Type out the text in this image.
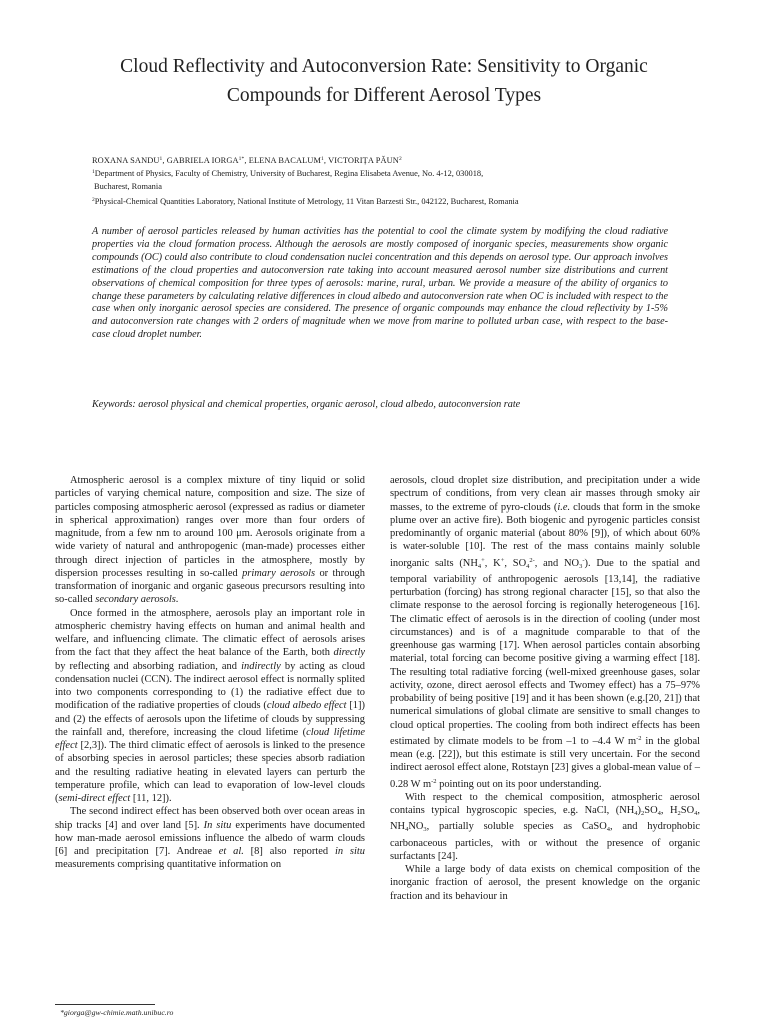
Cloud Reflectivity and Autoconversion Rate: Sensitivity to Organic
Compounds for Different Aerosol Types
ROXANA SANDU$^1$, GABRIELA $IORGA^{1*}$, ELENA BACALUM$^1$, VICTORIȚA PĂUN$^2$
$^1$Department of Physics, Faculty of Chemistry, University of Bucharest, Regina Elisabeta Avenue, No. 4-12, 030018,
Bucharest, Romania
$^2$Physical-Chemical Quantities Laboratory, National Institute of Metrology, 11 Vitan Barzesti Str., 042122, Bucharest, Romania
A number of aerosol particles released by human activities has the potential to cool the climate system by modifying the cloud radiative properties via the cloud formation process. Although the aerosols are mostly composed of inorganic species, measurements show organic compounds (OC) could also contribute to cloud condensation nuclei concentration and this depends on aerosol type. Our approach involves estimations of the cloud properties and autoconversion rate taking into account measured aerosol number size distributions and current observations of chemical composition for three types of aerosols: marine, rural, urban. We provide a measure of the ability of organics to change these parameters by calculating relative differences in cloud albedo and autoconversion rate when OC is included with respect to the case when only inorganic aerosol species are considered. The presence of organic compounds may enhance the cloud reflectivity by 1-5% and autoconversion rate changes with 2 orders of magnitude when we move from marine to polluted urban case, with respect to the base-case cloud droplet number.
Keywords: aerosol physical and chemical properties, organic aerosol, cloud albedo, autoconversion rate

Atmospheric aerosol is a complex mixture of tiny liquid or solid particles of varying chemical nature, composition and size. The size of particles composing atmospheric aerosol (expressed as radius or diameter in spherical approximation) ranges over more than four orders of magnitude, from a few nm to around 100 μm. Aerosols originate from a wide variety of natural and anthropogenic (man-made) processes either through direct injection of particles in the atmosphere, mostly by dispersion processes resulting in so-called primary aerosols or through transformation of inorganic and organic gaseous precursors resulting into so-called secondary aerosols.

Once formed in the atmosphere, aerosols play an important role in atmospheric chemistry having effects on human and animal health and welfare, and influencing climate. The climatic effect of aerosols arises from the fact that they affect the heat balance of the Earth, both directly by reflecting and absorbing radiation, and indirectly by acting as cloud condensation nuclei (CCN). The indirect aerosol effect is normally splited into two components corresponding to (1) the radiative effect due to modification of the radiative properties of clouds (cloud albedo effect [1]) and (2) the effects of aerosols upon the lifetime of clouds by suppressing the rainfall and, therefore, increasing the cloud lifetime (cloud lifetime effect [2,3]). The third climatic effect of aerosols is linked to the presence of absorbing species in aerosol particles; these species absorb radiation and the resulting radiative heating in elevated layers can perturb the temperature profile, which can lead to evaporation of low-level clouds (semi-direct effect [11, 12]).

The second indirect effect has been observed both over ocean areas in ship tracks [4] and over land [5]. In situ experiments have documented how man-made aerosol emissions influence the albedo of warm clouds [6] and precipitation [7]. Andreae et al. [8] also reported in situ measurements comprising quantitative information on

aerosols, cloud droplet size distribution, and precipitation under a wide spectrum of conditions, from very clean air masses through smoky air masses, to the extreme of pyro-clouds (i.e. clouds that form in the smoke plume over an active fire). Both biogenic and pyrogenic particles consist predominantly of organic material (about 80% [9]), of which about 60% is water-soluble [10]. The rest of the mass contains mainly soluble inorganic salts ($NH_4^+$, K+, $SO_4^{2-}$, and $NO_3^-$). Due to the spatial and temporal variability of anthropogenic aerosols [13,14], the radiative perturbation (forcing) has strong regional character [15], so that also the climate response to the aerosol forcing is regionally heterogeneous [16]. The climatic effect of aerosols is in the direction of cooling (under most circumstances) and is of a magnitude comparable to that of the greenhouse gas warming [17]. When aerosol particles contain absorbing material, total forcing can become positive giving a warming effect [18]. The resulting total radiative forcing (well-mixed greenhouse gases, solar activity, ozone, direct aerosol effects and Twomey effect) has a 75–97% probability of being positive [19] and it has been shown (e.g.[20, 21]) that numerical simulations of global climate are sensitive to small changes to cloud optical properties. The cooling from both indirect effects has been estimated by climate models to be from –1 to –4.4 W $m^{-2}$ in the global mean (e.g. [22]), but this estimate is still very uncertain. For the second indirect aerosol effect alone, Rotstayn [23] gives a global-mean value of –0.28 W $m^{-2}$ pointing out on its poor understanding.

With respect to the chemical composition, atmospheric aerosol contains typical hygroscopic species, e.g. NaCl, $(NH_4)_2SO_4$, $H_2SO_4$, $NH_4NO_3$, partially soluble species as CaSO$_4$, and hydrophobic carbonaceous particles, with or without the presence of organic surfactants [24].

While a large body of data exists on chemical composition of the inorganic fraction of aerosol, the present knowledge on the organic fraction and its behaviour in

*giorga@gw-chimie.math.unibuc.ro
